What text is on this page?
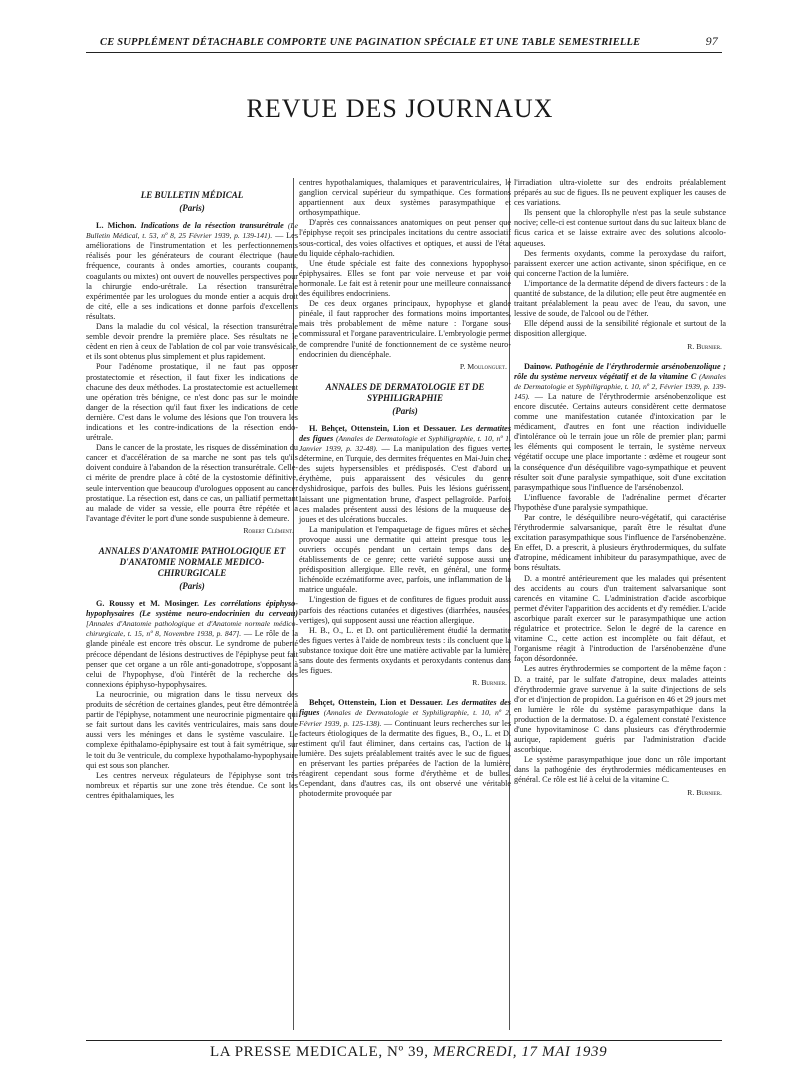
CE SUPPLÉMENT DÉTACHABLE COMPORTE UNE PAGINATION SPÉCIALE ET UNE TABLE SEMESTRIELLE	97
REVUE DES JOURNAUX
LE BULLETIN MÉDICAL
(Paris)

L. Michon. Indications de la résection transurétrale (Le Bulletin Médical, t. 53, nº 8, 25 Février 1939, p. 139-141). — Les améliorations de l'instrumentation et les perfectionnements réalisés pour les générateurs de courant électrique (haute fréquence, courants à ondes amorties, courants coupants, coagulants ou mixtes) ont ouvert de nouvelles perspectives pour la chirurgie endo-urétrale. La résection transurétrale expérimentée par les urologues du monde entier a acquis droit de cité, elle a ses indications et donne parfois d'excellents résultats.

Dans la maladie du col vésical, la résection transurétrale semble devoir prendre la première place. Ses résultats ne le cèdent en rien à ceux de l'ablation de col par voie transvésicale, et ils sont obtenus plus simplement et plus rapidement.

Pour l'adénome prostatique, il ne faut pas opposer prostatectomie et résection, il faut fixer les indications de chacune des deux méthodes. La prostatectomie est actuellement une opération très bénigne, ce n'est donc pas sur le moindre danger de la résection qu'il faut fixer les indications de cette dernière. C'est dans le volume des lésions que l'on trouvera les indications et les contre-indications de la résection endo-urétrale.

Dans le cancer de la prostate, les risques de dissémination du cancer et d'accélération de sa marche ne sont pas tels qu'ils doivent conduire à l'abandon de la résection transurétrale. Celle-ci mérite de prendre place à côté de la cystostomie définitive, seule intervention que beaucoup d'urologues opposent au cancer prostatique. La résection est, dans ce cas, un palliatif permettant au malade de vider sa vessie, elle pourra être répétée et a l'avantage d'éviter le port d'une sonde suspubienne à demeure.

Robert Clément.

ANNALES D'ANATOMIE PATHOLOGIQUE ET D'ANATOMIE NORMALE MEDICO-CHIRURGICALE
(Paris)

G. Roussy et M. Mosinger. Les corrélations épiphyso-hypophysaires (Le système neuro-endocrinien du cerveau) [Annales d'Anatomie pathologique et d'Anatomie normale médico-chirurgicale, t. 15, nº 8, Novembre 1938, p. 847]. — Le rôle de la glande pinéale est encore très obscur. Le syndrome de puberté précoce dépendant de lésions destructives de l'épiphyse peut fait penser que cet organe a un rôle anti-gonadotrope, s'opposant à celui de l'hypophyse, d'où l'intérêt de la recherche des connexions épiphyso-hypophysaires.

La neurocrinie, ou migration dans le tissu nerveux des produits de sécrétion de certaines glandes, peut être démontrée à partir de l'épiphyse, notamment une neurocrinie pigmentaire qui se fait surtout dans les cavités ventriculaires, mais sans doute aussi vers les méninges et dans le système vasculaire. Le complexe épithalamo-épiphysaire est tout à fait symétrique, sur le toit du 3e ventricule, du complexe hypothalamo-hypophysaire qui est sous son plancher.

Les centres nerveux régulateurs de l'épiphyse sont très nombreux et répartis sur une zone très étendue. Ce sont les centres épithalamiques, les

centres hypothalamiques, thalamiques et paraventriculaires, le ganglion cervical supérieur du sympathique. Ces formations appartiennent aux deux systèmes parasympathique et orthosympathique.

D'après ces connaissances anatomiques on peut penser que l'épiphyse reçoit ses principales incitations du centre associatif sous-cortical, des voies olfactives et optiques, et aussi de l'état du liquide céphalo-rachidien.

Une étude spéciale est faite des connexions hypophyso-épiphysaires. Elles se font par voie nerveuse et par voie hormonale. Le fait est à retenir pour une meilleure connaissance des équilibres endocriniens.

De ces deux organes principaux, hypophyse et glande pinéale, il faut rapprocher des formations moins importantes, mais très probablement de même nature : l'organe sous-commissural et l'organe paraventriculaire. L'embryologie permet de comprendre l'unité de fonctionnement de ce système neuro-endocrinien du diencéphale.

P. Moulonguet.

ANNALES DE DERMATOLOGIE ET DE SYPHILIGRAPHIE
(Paris)

H. Behçet, Ottenstein, Lion et Dessauer. Les dermatites des figues (Annales de Dermatologie et Syphiligraphie, t. 10, nº 1, Janvier 1939, p. 32-48). — La manipulation des figues vertes détermine, en Turquie, des dermites fréquentes en Mai-Juin chez des sujets hypersensibles et prédisposés. C'est d'abord un érythème, puis apparaissent des vésicules du genre dyshidrosique, parfois des bulles. Puis les lésions guérissent, laissant une pigmentation brune, d'aspect pellagroïde. Parfois ces malades présentent aussi des lésions de la muqueuse des joues et des ulcérations buccales.

La manipulation et l'empaquetage de figues mûres et sèches provoque aussi une dermatite qui atteint presque tous les ouvriers occupés pendant un certain temps dans des établissements de ce genre; cette variété suppose aussi une prédisposition allergique. Elle revêt, en général, une forme lichénoïde eczématiforme avec, parfois, une inflammation de la matrice unguéale.

L'ingestion de figues et de confitures de figues produit aussi parfois des réactions cutanées et digestives (diarrhées, nausées, vertiges), qui supposent aussi une réaction allergique.

H. B., O., L. et D. ont particulièrement étudié la dermatite des figues vertes à l'aide de nombreux tests : ils concluent que la substance toxique doit être une matière activable par la lumière, sans doute des ferments oxydants et peroxydants contenus dans les figues.

R. Burnier.

Behçet, Ottenstein, Lion et Dessauer. Les dermatites des figues (Annales de Dermatologie et Syphiligraphie, t. 10, nº 2, Février 1939, p. 125-138). — Continuant leurs recherches sur les facteurs étiologiques de la dermatite des figues, B., O., L. et D. estiment qu'il faut éliminer, dans certains cas, l'action de la lumière. Des sujets préalablement traités avec le suc de figues, en préservant les parties préparées de l'action de la lumière, réagirent cependant sous forme d'érythème et de bulles. Cependant, dans d'autres cas, ils ont observé une véritable photodermite provoquée par

l'irradiation ultra-violette sur des endroits préalablement préparés au suc de figues. Ils ne peuvent expliquer les causes de ces variations.

Ils pensent que la chlorophylle n'est pas la seule substance nocive; celle-ci est contenue surtout dans du suc laiteux blanc de ficus carica et se laisse extraire avec des solutions alcoolo-aqueuses.

Des ferments oxydants, comme la peroxydase du raifort, paraissent exercer une action activante, sinon spécifique, en ce qui concerne l'action de la lumière.

L'importance de la dermatite dépend de divers facteurs : de la quantité de substance, de la dilution; elle peut être augmentée en traitant préalablement la peau avec de l'eau, du savon, une lessive de soude, de l'alcool ou de l'éther.

Elle dépend aussi de la sensibilité régionale et surtout de la disposition allergique.

R. Burnier.

Dainow. Pathogénie de l'érythrodermie arsénobenzolique ; rôle du système nerveux végétatif et de la vitamine C (Annales de Dermatologie et Syphiligraphie, t. 10, nº 2, Février 1939, p. 139-145). — La nature de l'érythrodermie arsénobenzolique est encore discutée. Certains auteurs considèrent cette dermatose comme une manifestation cutanée d'intoxication par le médicament, d'autres en font une réaction individuelle d'intolérance où le terrain joue un rôle de premier plan; parmi les éléments qui composent le terrain, le système nerveux végétatif occupe une place importante : œdème et rougeur sont la conséquence d'un déséquilibre vago-sympathique et peuvent résulter soit d'une paralysie sympathique, soit d'une excitation parasympathique sous l'influence de l'arsénobenzol.

L'influence favorable de l'adrénaline permet d'écarter l'hypothèse d'une paralysie sympathique.

Par contre, le déséquilibre neuro-végétatif, qui caractérise l'érythrodermie salvarsanique, paraît être le résultat d'une excitation parasympathique sous l'influence de l'arsénobenzène. En effet, D. a prescrit, à plusieurs érythrodermiques, du sulfate d'atropine, médicament inhibiteur du parasympathique, avec de bons résultats.

D. a montré antérieurement que les malades qui présentent des accidents au cours d'un traitement salvarsanique sont carencés en vitamine C. L'administration d'acide ascorbique permet d'éviter l'apparition des accidents et d'y remédier. L'acide ascorbique paraît exercer sur le parasympathique une action régulatrice et protectrice. Selon le degré de la carence en vitamine C., cette action est incomplète ou fait défaut, et l'organisme réagit à l'introduction de l'arsénobenzène d'une façon désordonnée.

Les autres érythrodermies se comportent de la même façon : D. a traité, par le sulfate d'atropine, deux malades atteints d'érythrodermie grave survenue à la suite d'injections de sels d'or et d'injection de propidon. La guérison en 46 et 29 jours met en lumière le rôle du système parasympathique dans la production de la dermatose. D. a également constaté l'existence d'une hypovitaminose C dans plusieurs cas d'érythrodermie aurique, rapidement guéris par l'administration d'acide ascorbique.

Le système parasympathique joue donc un rôle important dans la pathogénie des érythrodermies médicamenteuses en général. Ce rôle est lié à celui de la vitamine C.

R. Burnier.

LA PRESSE MEDICALE, Nº 39, MERCREDI, 17 MAI 1939
